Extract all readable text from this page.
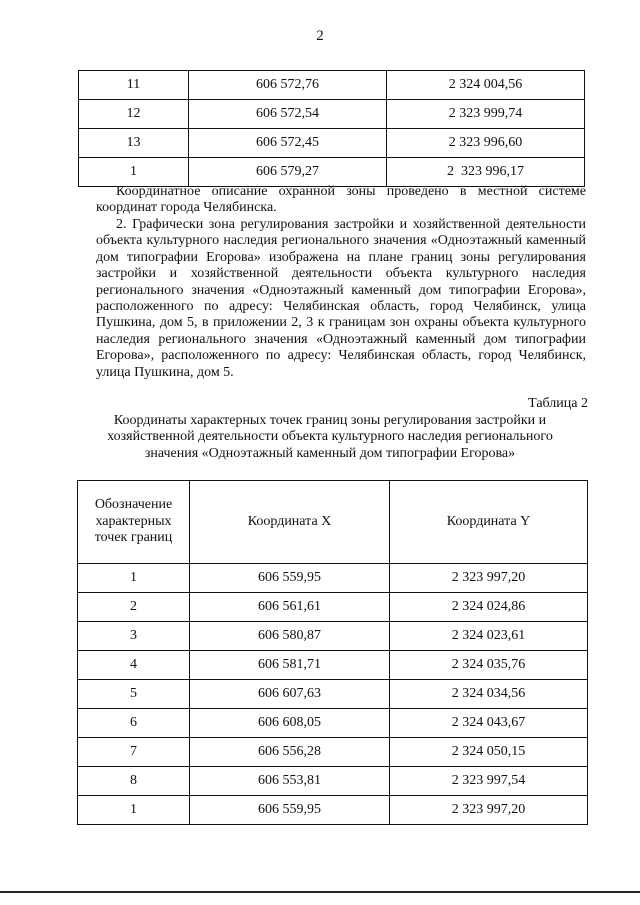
2
11	606 572,76	2 324 004,56
12	606 572,54	2 323 999,74
13	606 572,45	2 323 996,60
1	606 579,27	2  323 996,17
Координатное описание охранной зоны проведено в местной системе координат города Челябинска.
2. Графически зона регулирования застройки и хозяйственной деятельности объекта культурного наследия регионального значения «Одноэтажный каменный дом типографии Егорова» изображена на плане границ зоны регулирования застройки и хозяйственной деятельности объекта культурного наследия регионального значения «Одноэтажный каменный дом типографии Егорова», расположенного по адресу: Челябинская область, город Челябинск, улица Пушкина, дом 5, в приложении 2, 3 к границам зон охраны объекта культурного наследия регионального значения «Одноэтажный каменный дом типографии Егорова», расположенного по адресу: Челябинская область, город Челябинск, улица Пушкина, дом 5.
Таблица 2
Координаты характерных точек границ зоны регулирования застройки и хозяйственной деятельности объекта культурного наследия регионального значения «Одноэтажный каменный дом типографии Егорова»
Обозначение характерных точек границ	Координата X	Координата Y
1	606 559,95	2 323 997,20
2	606 561,61	2 324 024,86
3	606 580,87	2 324 023,61
4	606 581,71	2 324 035,76
5	606 607,63	2 324 034,56
6	606 608,05	2 324 043,67
7	606 556,28	2 324 050,15
8	606 553,81	2 323 997,54
1	606 559,95	2 323 997,20
